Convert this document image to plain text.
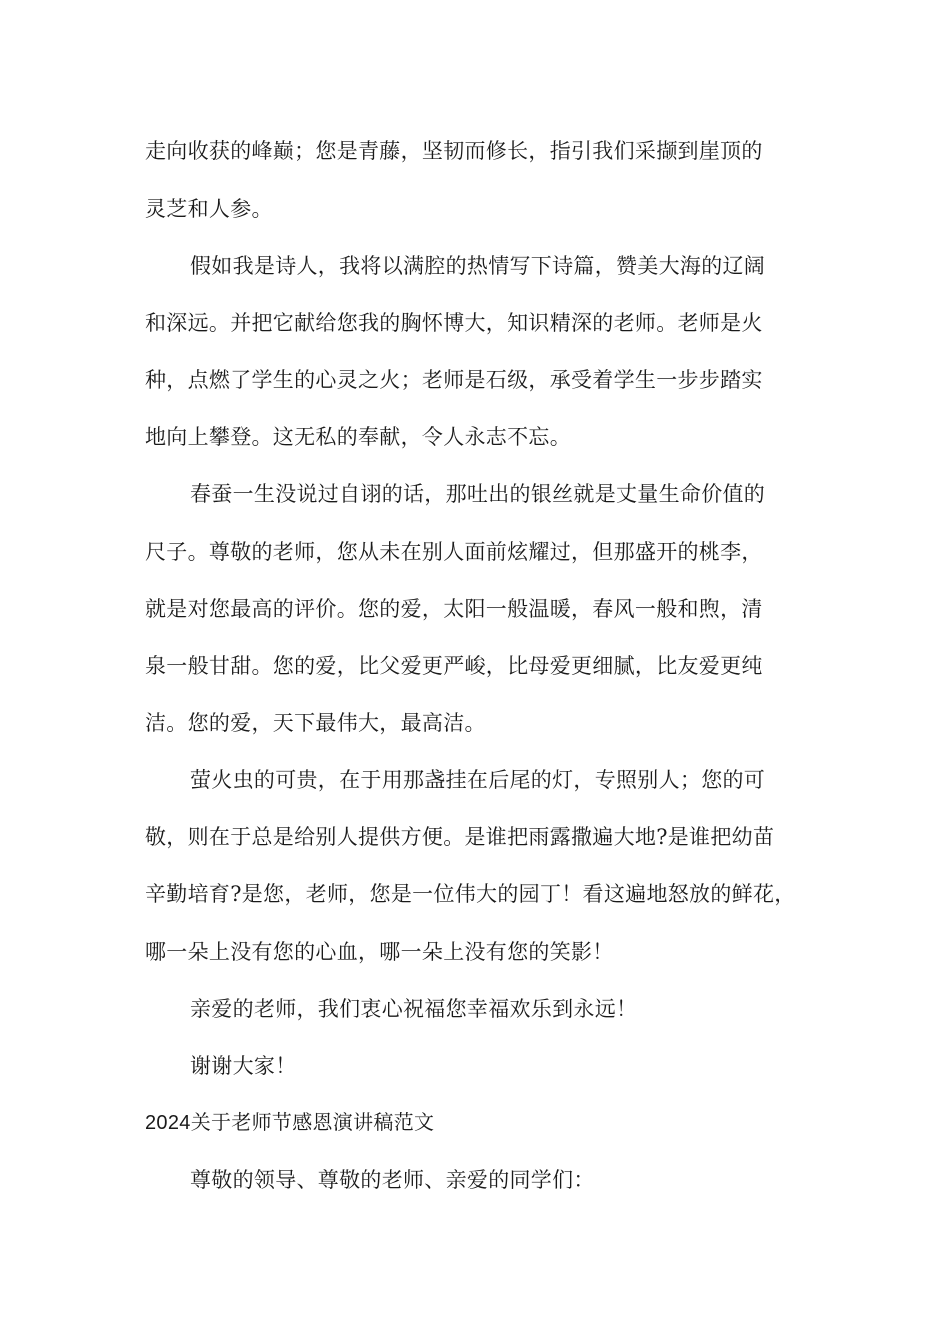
走向收获的峰巅；您是青藤，坚韧而修长，指引我们采撷到崖顶的
灵芝和人参。
假如我是诗人，我将以满腔的热情写下诗篇，赞美大海的辽阔
和深远。并把它献给您我的胸怀博大，知识精深的老师。老师是火
种，点燃了学生的心灵之火；老师是石级，承受着学生一步步踏实
地向上攀登。这无私的奉献，令人永志不忘。
春蚕一生没说过自诩的话，那吐出的银丝就是丈量生命价值的
尺子。尊敬的老师，您从未在别人面前炫耀过，但那盛开的桃李，
就是对您最高的评价。您的爱，太阳一般温暖，春风一般和煦，清
泉一般甘甜。您的爱，比父爱更严峻，比母爱更细腻，比友爱更纯
洁。您的爱，天下最伟大，最高洁。
萤火虫的可贵，在于用那盏挂在后尾的灯，专照别人；您的可
敬，则在于总是给别人提供方便。是谁把雨露撒遍大地?是谁把幼苗
辛勤培育?是您，老师，您是一位伟大的园丁！看这遍地怒放的鲜花，
哪一朵上没有您的心血，哪一朵上没有您的笑影！
亲爱的老师，我们衷心祝福您幸福欢乐到永远！
谢谢大家！
2024关于老师节感恩演讲稿范文
尊敬的领导、尊敬的老师、亲爱的同学们：
